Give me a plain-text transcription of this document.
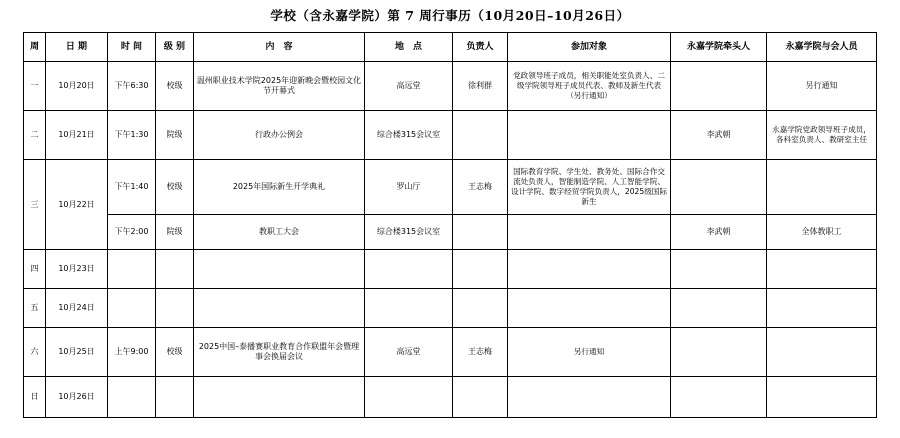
学校（含永嘉学院）第 7 周行事历（10月20日–10月26日）
周	日 期	时 间	级 别	内　容	地　点	负责人	参加对象	永嘉学院牵头人	永嘉学院与会人员
一	10月20日	下午6:30	校级	温州职业技术学院2025年迎新晚会暨校园文化节开幕式	高远堂	徐利群	党政领导班子成员，相关职能处室负责人、二级学院领导班子成员代表、教师及新生代表（另行通知）		另行通知
二	10月21日	下午1:30	院级	行政办公例会	综合楼315会议室			李武朝	永嘉学院党政领导班子成员，各科室负责人、教研室主任
三	10月22日	下午1:40	校级	2025年国际新生开学典礼	罗山厅	王志梅	国际教育学院、学生处、教务处、国际合作交流处负责人，智能制造学院、人工智能学院、设计学院、数字经贸学院负责人，2025级国际新生		
		下午2:00	院级	教职工大会	综合楼315会议室			李武朝	全体教职工
四	10月23日								
五	10月24日								
六	10月25日	上午9:00	校级	2025中国–泰播赛职业教育合作联盟年会暨理事会换届会议	高远堂	王志梅	另行通知		
日	10月26日								
